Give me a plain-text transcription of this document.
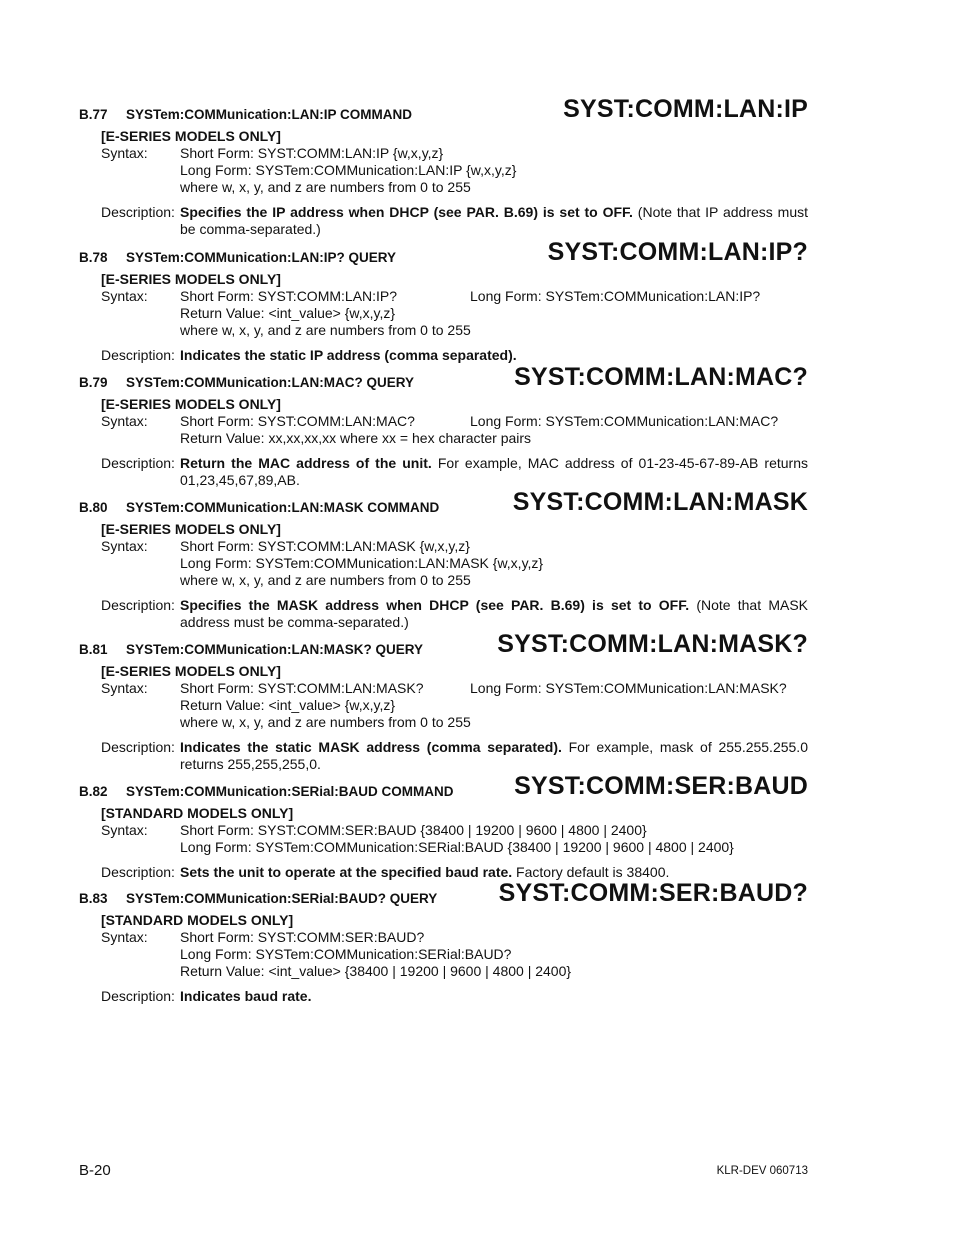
B.77 SYSTem:COMMunication:LAN:IP COMMAND	SYST:COMM:LAN:IP
[E-SERIES MODELS ONLY]
Syntax: Short Form: SYST:COMM:LAN:IP {w,x,y,z}
Long Form: SYSTem:COMMunication:LAN:IP {w,x,y,z}
where w, x, y, and z are numbers from 0 to 255
Description: Specifies the IP address when DHCP (see PAR. B.69) is set to OFF. (Note that IP address must be comma-separated.)
B.78 SYSTem:COMMunication:LAN:IP? QUERY	SYST:COMM:LAN:IP?
[E-SERIES MODELS ONLY]
Syntax: Short Form: SYST:COMM:LAN:IP?	Long Form: SYSTem:COMMunication:LAN:IP?
Return Value: <int_value> {w,x,y,z}
where w, x, y, and z are numbers from 0 to 255
Description: Indicates the static IP address (comma separated).
B.79 SYSTem:COMMunication:LAN:MAC? QUERY	SYST:COMM:LAN:MAC?
[E-SERIES MODELS ONLY]
Syntax: Short Form: SYST:COMM:LAN:MAC?	Long Form: SYSTem:COMMunication:LAN:MAC?
Return Value: xx,xx,xx,xx where xx = hex character pairs
Description: Return the MAC address of the unit. For example, MAC address of 01-23-45-67-89-AB returns 01,23,45,67,89,AB.
B.80 SYSTem:COMMunication:LAN:MASK COMMAND	SYST:COMM:LAN:MASK
[E-SERIES MODELS ONLY]
Syntax: Short Form: SYST:COMM:LAN:MASK {w,x,y,z}
Long Form: SYSTem:COMMunication:LAN:MASK {w,x,y,z}
where w, x, y, and z are numbers from 0 to 255
Description: Specifies the MASK address when DHCP (see PAR. B.69) is set to OFF. (Note that MASK address must be comma-separated.)
B.81 SYSTem:COMMunication:LAN:MASK? QUERY	SYST:COMM:LAN:MASK?
[E-SERIES MODELS ONLY]
Syntax: Short Form: SYST:COMM:LAN:MASK?	Long Form: SYSTem:COMMunication:LAN:MASK?
Return Value: <int_value> {w,x,y,z}
where w, x, y, and z are numbers from 0 to 255
Description: Indicates the static MASK address (comma separated). For example, mask of 255.255.255.0 returns 255,255,255,0.
B.82 SYSTem:COMMunication:SERial:BAUD COMMAND SYST:COMM:SER:BAUD
[STANDARD MODELS ONLY]
Syntax: Short Form: SYST:COMM:SER:BAUD {38400 | 19200 | 9600 | 4800 | 2400}
Long Form: SYSTem:COMMunication:SERial:BAUD {38400 | 19200 | 9600 | 4800 | 2400}
Description: Sets the unit to operate at the specified baud rate. Factory default is 38400.
B.83 SYSTem:COMMunication:SERial:BAUD? QUERY SYST:COMM:SER:BAUD?
[STANDARD MODELS ONLY]
Syntax: Short Form: SYST:COMM:SER:BAUD?
Long Form: SYSTem:COMMunication:SERial:BAUD?
Return Value: <int_value> {38400 | 19200 | 9600 | 4800 | 2400}
Description: Indicates baud rate.
B-20	KLR-DEV 060713
